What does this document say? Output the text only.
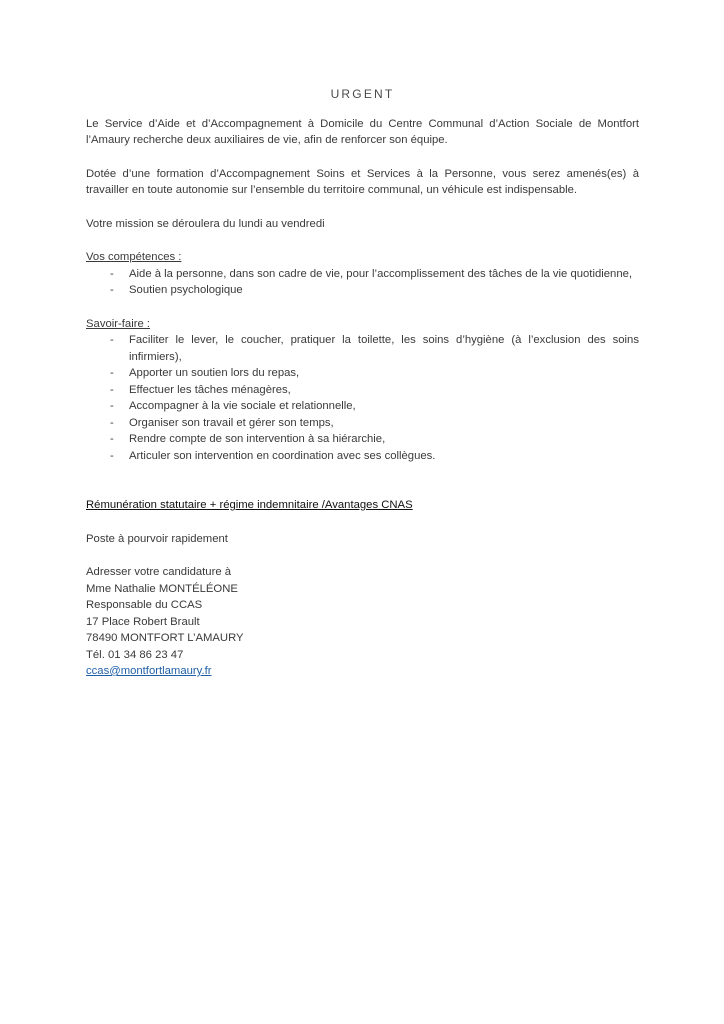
URGENT

Le Service d’Aide et d’Accompagnement à Domicile du Centre Communal d’Action Sociale de Montfort l’Amaury recherche deux auxiliaires de vie, afin de renforcer son équipe.

Dotée d’une formation d’Accompagnement Soins et Services à la Personne, vous serez amenés(es) à travailler en toute autonomie sur l’ensemble du territoire communal, un véhicule est indispensable.

Votre mission se déroulera du lundi au vendredi

Vos compétences :

- Aide à la personne, dans son cadre de vie, pour l’accomplissement des tâches de la vie quotidienne,
- Soutien psychologique

Savoir-faire :

- Faciliter le lever, le coucher, pratiquer la toilette, les soins d’hygiène (à l’exclusion des soins infirmiers),
- Apporter un soutien lors du repas,
- Effectuer les tâches ménagères,
- Accompagner à la vie sociale et relationnelle,
- Organiser son travail et gérer son temps,
- Rendre compte de son intervention à sa hiérarchie,
- Articuler son intervention en coordination avec ses collègues.

Rémunération statutaire + régime indemnitaire /Avantages CNAS

Poste à pourvoir rapidement

Adresser votre candidature à

Mme Nathalie MONTÉLÉONE

Responsable du CCAS

17 Place Robert Brault

78490 MONTFORT L’AMAURY

Tél. 01 34 86 23 47

ccas@montfortlamaury.fr
